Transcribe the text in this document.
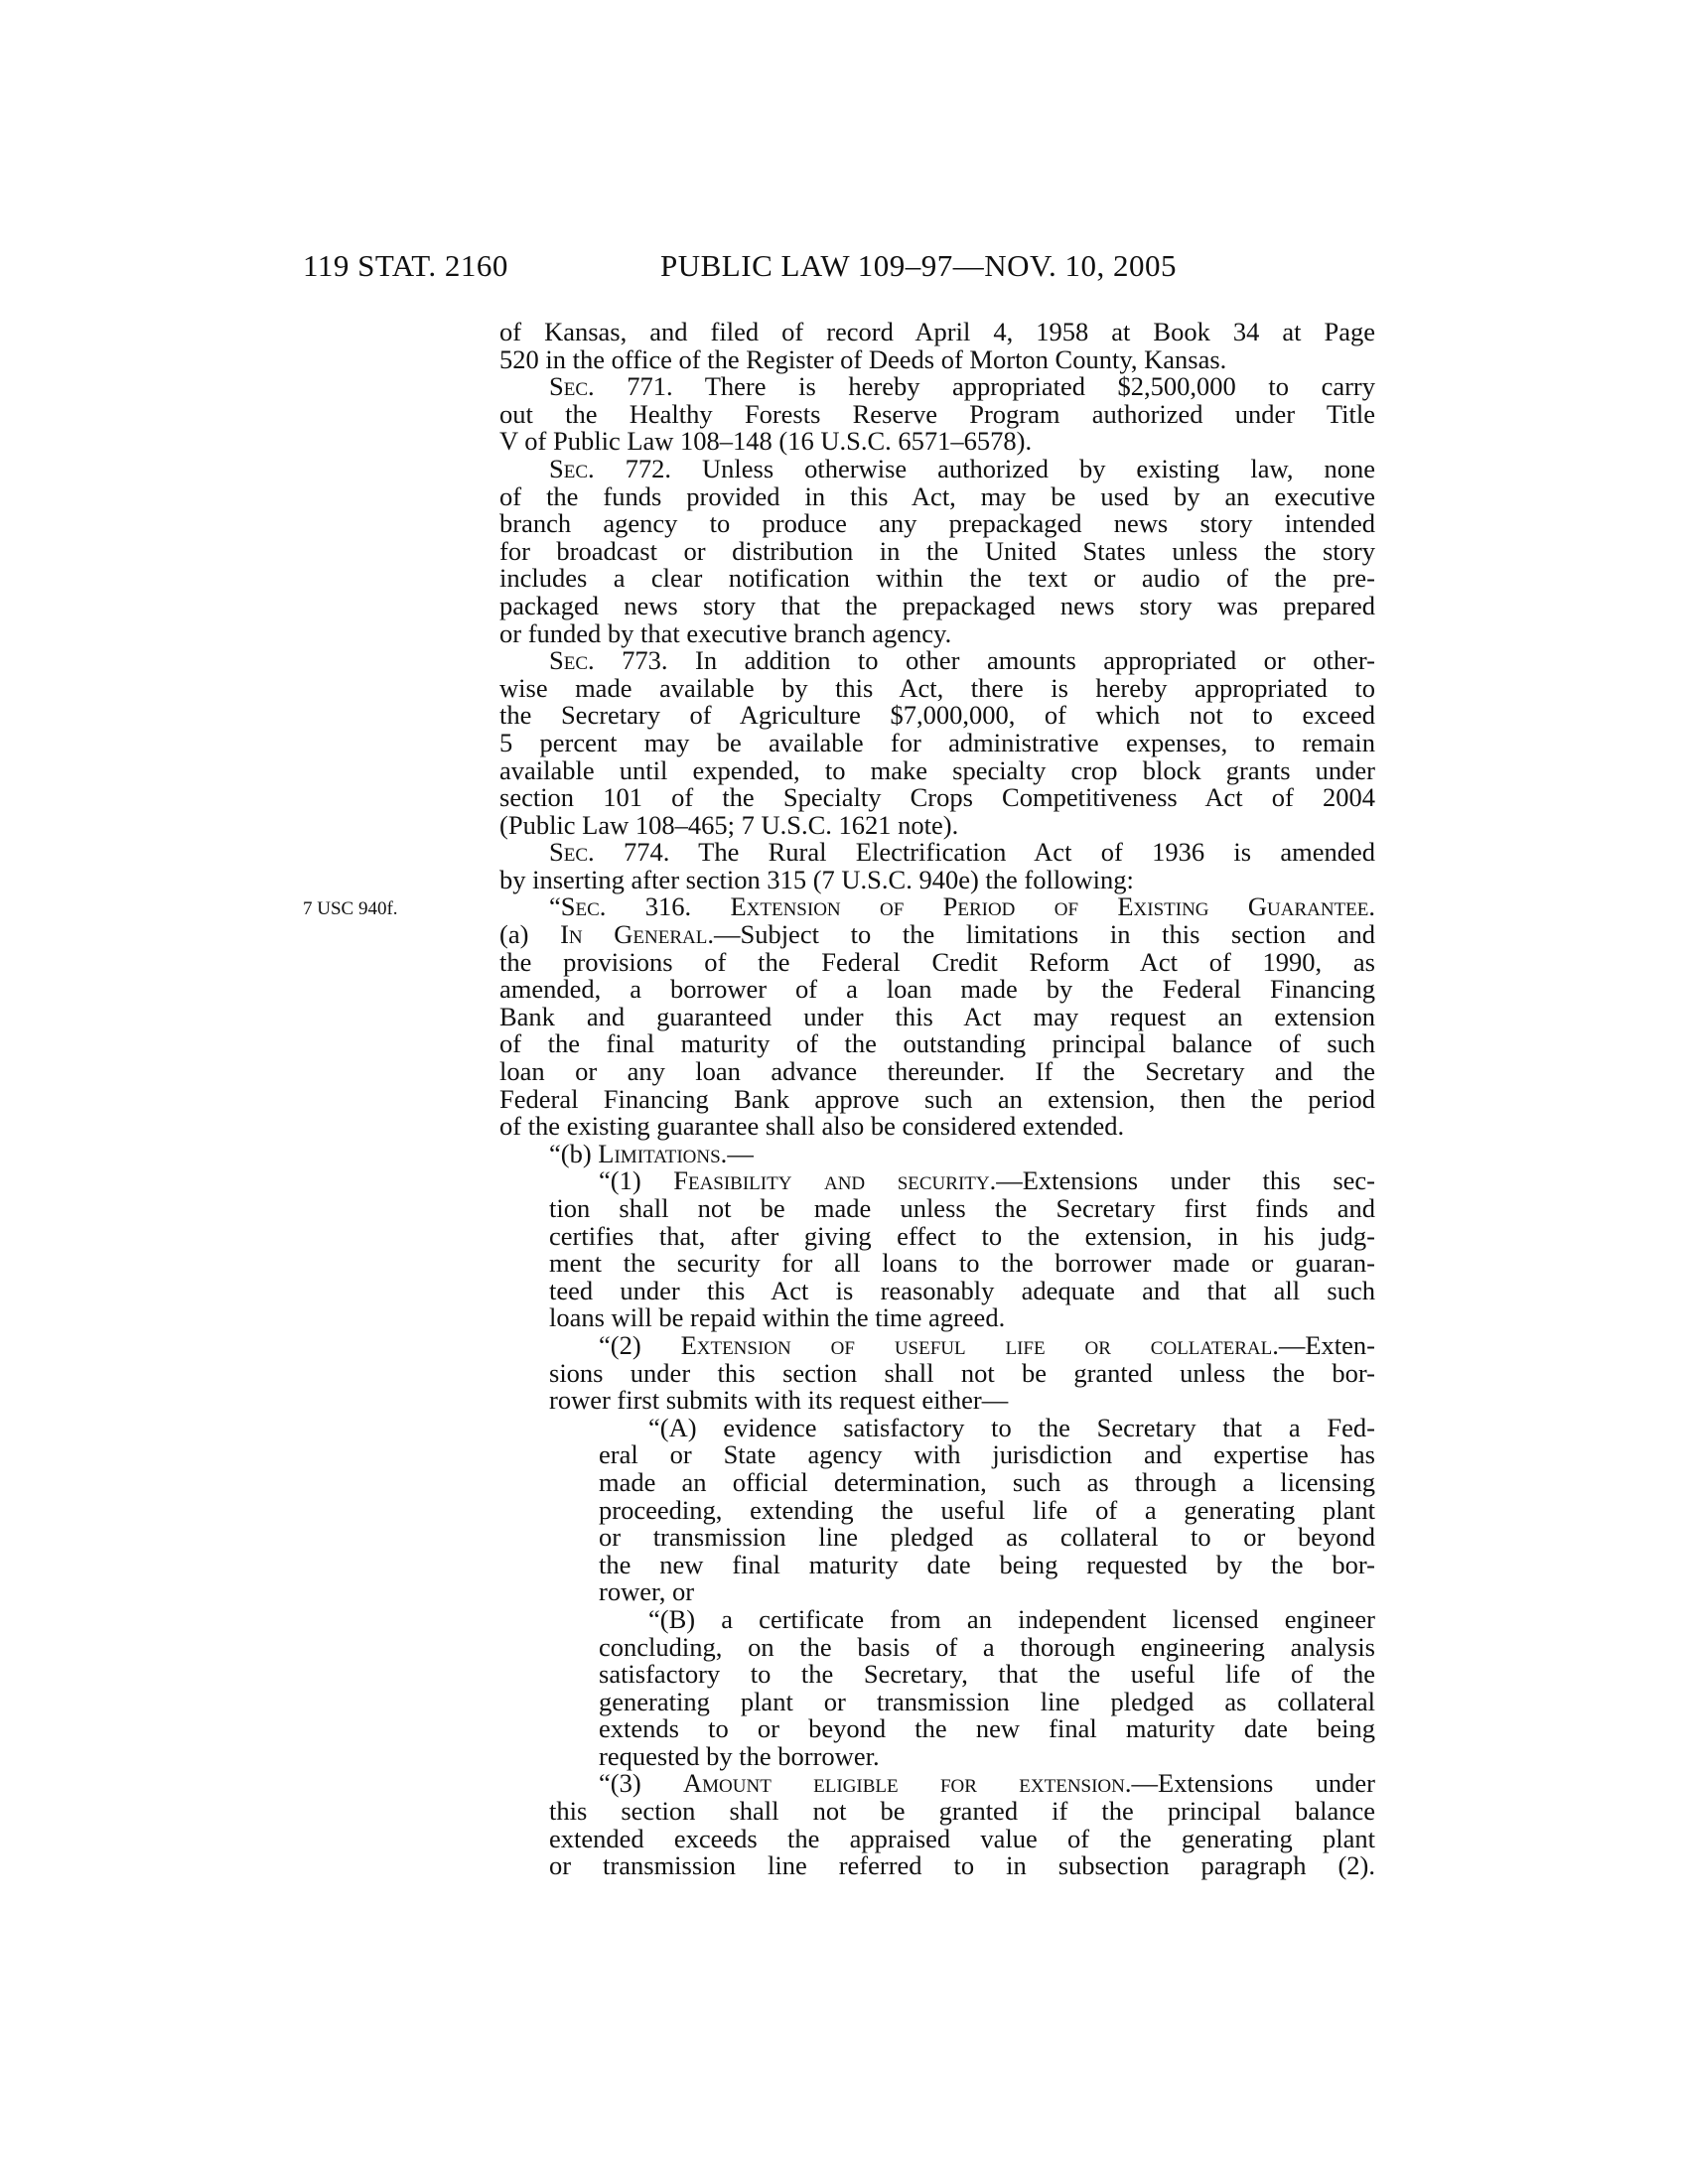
119 STAT. 2160	PUBLIC LAW 109–97—NOV. 10, 2005
7 USC 940f.

of Kansas, and filed of record April 4, 1958 at Book 34 at Page

520 in the office of the Register of Deeds of Morton County, Kansas.

Sec. 771. There is hereby appropriated $2,500,000 to carry

out the Healthy Forests Reserve Program authorized under Title

V of Public Law 108–148 (16 U.S.C. 6571–6578).

Sec. 772. Unless otherwise authorized by existing law, none

of the funds provided in this Act, may be used by an executive

branch agency to produce any prepackaged news story intended

for broadcast or distribution in the United States unless the story

includes a clear notification within the text or audio of the pre-

packaged news story that the prepackaged news story was prepared

or funded by that executive branch agency.

Sec. 773. In addition to other amounts appropriated or other-

wise made available by this Act, there is hereby appropriated to

the Secretary of Agriculture $7,000,000, of which not to exceed

5 percent may be available for administrative expenses, to remain

available until expended, to make specialty crop block grants under

section 101 of the Specialty Crops Competitiveness Act of 2004

(Public Law 108–465; 7 U.S.C. 1621 note).

Sec. 774. The Rural Electrification Act of 1936 is amended

by inserting after section 315 (7 U.S.C. 940e) the following:

“Sec. 316. Extension of Period of Existing Guarantee.

(a) In General.—Subject to the limitations in this section and

the provisions of the Federal Credit Reform Act of 1990, as

amended, a borrower of a loan made by the Federal Financing

Bank and guaranteed under this Act may request an extension

of the final maturity of the outstanding principal balance of such

loan or any loan advance thereunder. If the Secretary and the

Federal Financing Bank approve such an extension, then the period

of the existing guarantee shall also be considered extended.

“(b) Limitations.—

“(1) Feasibility and security.—Extensions under this sec-

tion shall not be made unless the Secretary first finds and

certifies that, after giving effect to the extension, in his judg-

ment the security for all loans to the borrower made or guaran-

teed under this Act is reasonably adequate and that all such

loans will be repaid within the time agreed.

“(2) Extension of useful life or collateral.—Exten-

sions under this section shall not be granted unless the bor-

rower first submits with its request either—

“(A) evidence satisfactory to the Secretary that a Fed-

eral or State agency with jurisdiction and expertise has

made an official determination, such as through a licensing

proceeding, extending the useful life of a generating plant

or transmission line pledged as collateral to or beyond

the new final maturity date being requested by the bor-

rower, or

“(B) a certificate from an independent licensed engineer

concluding, on the basis of a thorough engineering analysis

satisfactory to the Secretary, that the useful life of the

generating plant or transmission line pledged as collateral

extends to or beyond the new final maturity date being

requested by the borrower.

“(3) Amount eligible for extension.—Extensions under

this section shall not be granted if the principal balance

extended exceeds the appraised value of the generating plant

or transmission line referred to in subsection paragraph (2).
